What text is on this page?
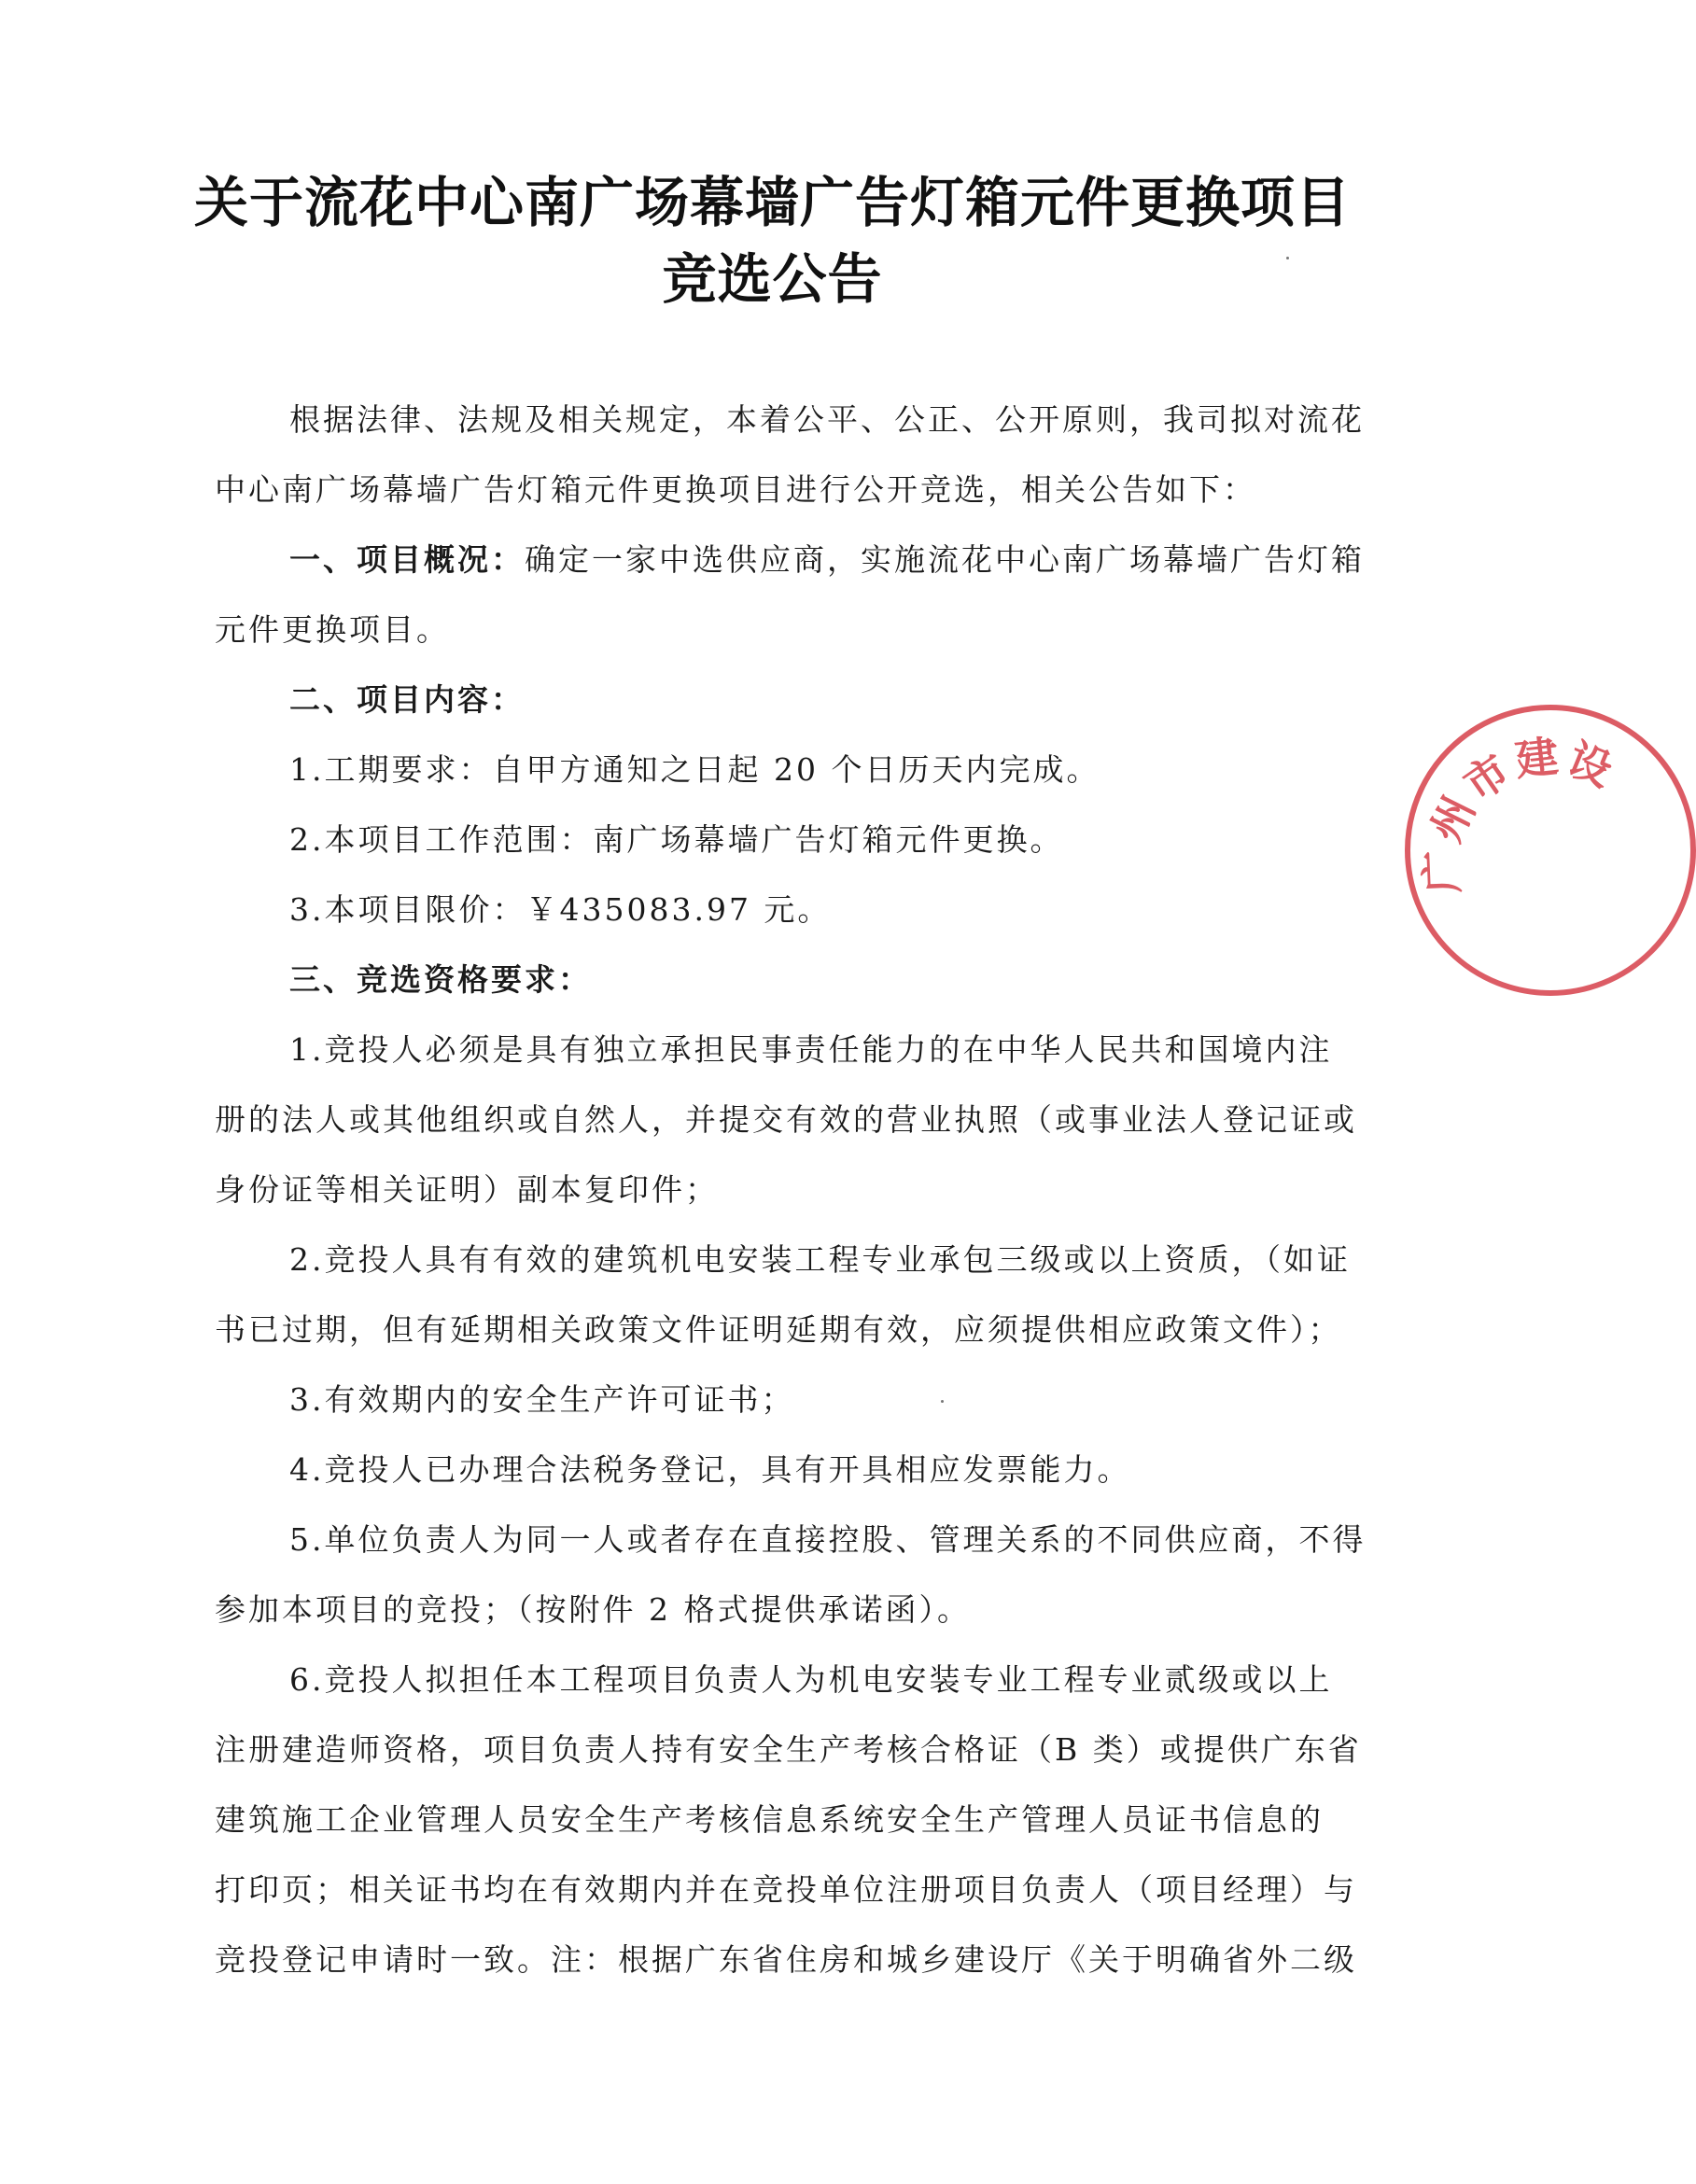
关于流花中心南广场幕墙广告灯箱元件更换项目
竞选公告
根据法律、法规及相关规定，本着公平、公正、公开原则，我司拟对流花
中心南广场幕墙广告灯箱元件更换项目进行公开竞选，相关公告如下：
一、项目概况：确定一家中选供应商，实施流花中心南广场幕墙广告灯箱
元件更换项目。
二、项目内容：
1.工期要求：自甲方通知之日起 20 个日历天内完成。
2.本项目工作范围：南广场幕墙广告灯箱元件更换。
3.本项目限价：￥435083.97 元。
三、竞选资格要求：
1.竞投人必须是具有独立承担民事责任能力的在中华人民共和国境内注
册的法人或其他组织或自然人，并提交有效的营业执照（或事业法人登记证或
身份证等相关证明）副本复印件；
2.竞投人具有有效的建筑机电安装工程专业承包三级或以上资质，（如证
书已过期，但有延期相关政策文件证明延期有效，应须提供相应政策文件）；
3.有效期内的安全生产许可证书；
4.竞投人已办理合法税务登记，具有开具相应发票能力。
5.单位负责人为同一人或者存在直接控股、管理关系的不同供应商，不得
参加本项目的竞投；（按附件 2 格式提供承诺函）。
6.竞投人拟担任本工程项目负责人为机电安装专业工程专业贰级或以上
注册建造师资格，项目负责人持有安全生产考核合格证（B 类）或提供广东省
建筑施工企业管理人员安全生产考核信息系统安全生产管理人员证书信息的
打印页；相关证书均在有效期内并在竞投单位注册项目负责人（项目经理）与
竞投登记申请时一致。注：根据广东省住房和城乡建设厅《关于明确省外二级
广州市建设
